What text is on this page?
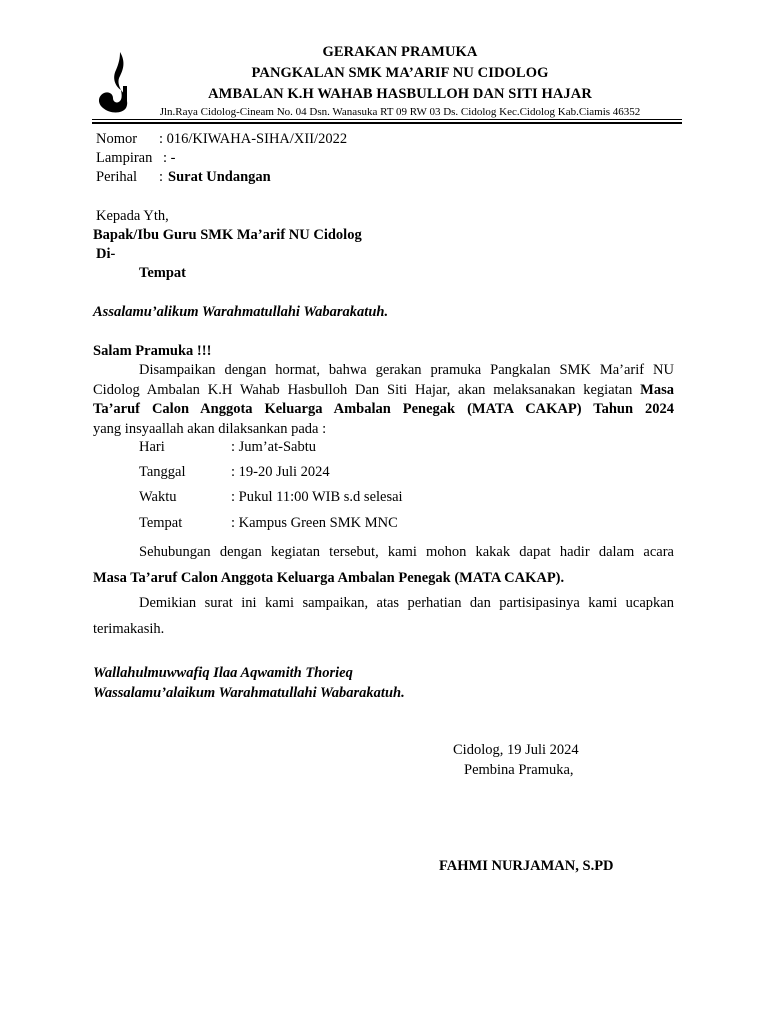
GERAKAN PRAMUKA
PANGKALAN SMK MA’ARIF NU CIDOLOG
AMBALAN K.H WAHAB HASBULLOH DAN SITI HAJAR
Jln.Raya Cidolog-Cineam No. 04 Dsn. Wanasuka RT 09 RW 03 Ds. Cidolog Kec.Cidolog Kab.Ciamis 46352
Nomor : 016/KIWAHA-SIHA/XII/2022
Lampiran : -
Perihal : Surat Undangan
Kepada Yth,
Bapak/Ibu Guru SMK Ma’arif NU Cidolog
Di-
Tempat
Assalamu’alikum Warahmatullahi Wabarakatuh.
Salam Pramuka !!!
Disampaikan dengan hormat, bahwa gerakan pramuka Pangkalan SMK Ma’arif NU
Cidolog Ambalan K.H Wahab Hasbulloh Dan Siti Hajar, akan melaksanakan kegiatan Masa
Ta’aruf Calon Anggota Keluarga Ambalan Penegak (MATA CAKAP) Tahun 2024
yang insyaallah akan dilaksankan pada :
Hari	: Jum’at-Sabtu
Tanggal	: 19-20 Juli 2024
Waktu	: Pukul 11:00 WIB s.d selesai
Tempat	: Kampus Green SMK MNC
Sehubungan dengan kegiatan tersebut, kami mohon kakak dapat hadir dalam acara
Masa Ta’aruf Calon Anggota Keluarga Ambalan Penegak (MATA CAKAP).
Demikian surat ini kami sampaikan, atas perhatian dan partisipasinya kami ucapkan
terimakasih.
Wallahulmuwwafiq Ilaa Aqwamith Thorieq
Wassalamu’alaikum Warahmatullahi Wabarakatuh.
Cidolog, 19 Juli 2024
Pembina Pramuka,
FAHMI NURJAMAN, S.PD
